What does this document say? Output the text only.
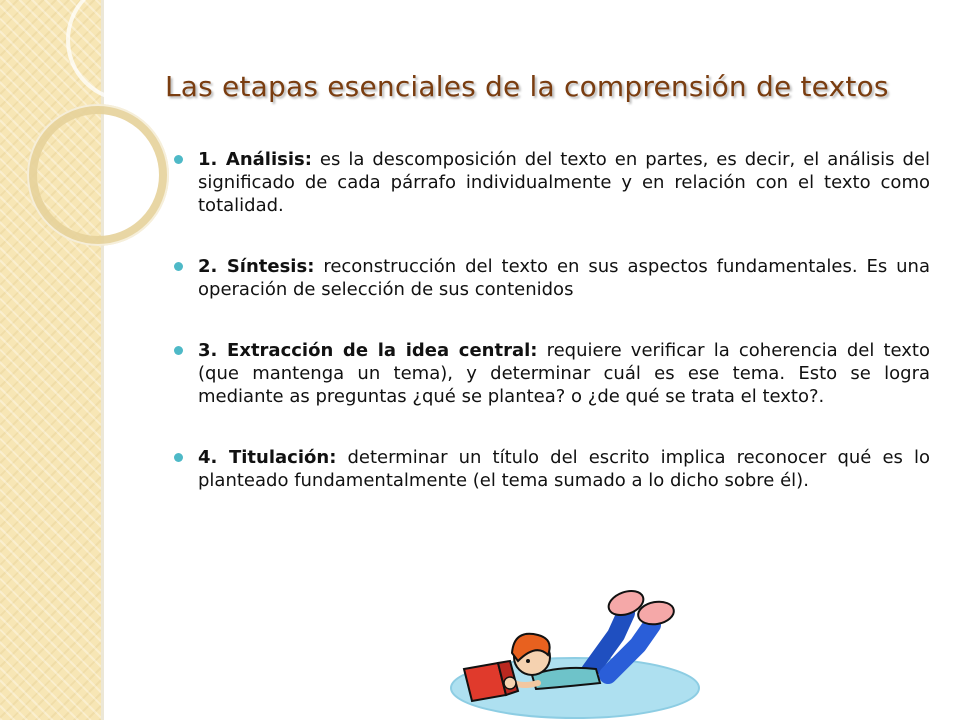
Las etapas esenciales de la comprensión de textos
1. Análisis: es la descomposición del texto en partes, es decir, el análisis del significado de cada párrafo individualmente y en relación con el texto como totalidad.
2. Síntesis: reconstrucción del texto en sus aspectos fundamentales. Es una operación de selección de sus contenidos
3. Extracción de la idea central: requiere verificar la coherencia del texto (que mantenga un tema), y determinar cuál es ese tema. Esto se logra mediante as preguntas ¿qué se plantea? o ¿de qué se trata el texto?.
4. Titulación: determinar un título del escrito implica reconocer qué es lo planteado fundamentalmente (el tema sumado a lo dicho sobre él).
